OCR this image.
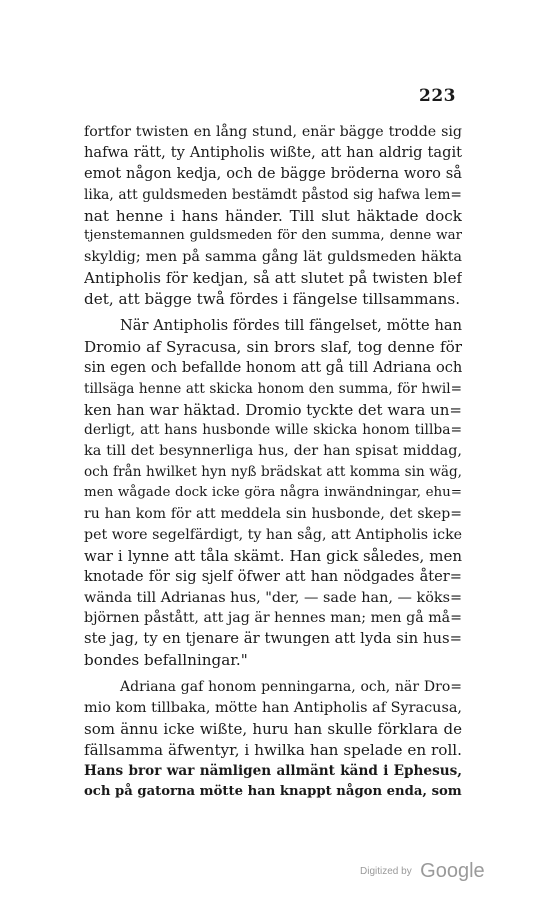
223
fortfor twisten en lång stund, enär bägge trodde sig
hafwa rätt, ty Antipholis wißte, att han aldrig tagit
emot någon kedja, och de bägge bröderna woro så
lika, att guldsmeden bestämdt påstod sig hafwa lem=
nat henne i hans händer. Till slut häktade dock
tjenstemannen guldsmeden för den summa, denne war
skyldig; men på samma gång lät guldsmeden häkta
Antipholis för kedjan, så att slutet på twisten blef
det, att bägge twå fördes i fängelse tillsammans.
När Antipholis fördes till fängelset, mötte han
Dromio af Syracusa, sin brors slaf, tog denne för
sin egen och befallde honom att gå till Adriana och
tillsäga henne att skicka honom den summa, för hwil=
ken han war häktad. Dromio tyckte det wara un=
derligt, att hans husbonde wille skicka honom tillba=
ka till det besynnerliga hus, der han spisat middag,
och från hwilket hyn nyß brädskat att komma sin wäg,
men wågade dock icke göra några inwändningar, ehu=
ru han kom för att meddela sin husbonde, det skep=
pet wore segelfärdigt, ty han såg, att Antipholis icke
war i lynne att tåla skämt. Han gick således, men
knotade för sig sjelf öfwer att han nödgades åter=
wända till Adrianas hus, "der, — sade han, — köks=
björnen påstått, att jag är hennes man; men gå må=
ste jag, ty en tjenare är twungen att lyda sin hus=
bondes befallningar."
Adriana gaf honom penningarna, och, när Dro=
mio kom tillbaka, mötte han Antipholis af Syracusa,
som ännu icke wißte, huru han skulle förklara de
fällsamma äfwentyr, i hwilka han spelade en roll.
Hans bror war nämligen allmänt känd i Ephesus,
och på gatorna mötte han knappt någon enda, som
Digitized by Google
